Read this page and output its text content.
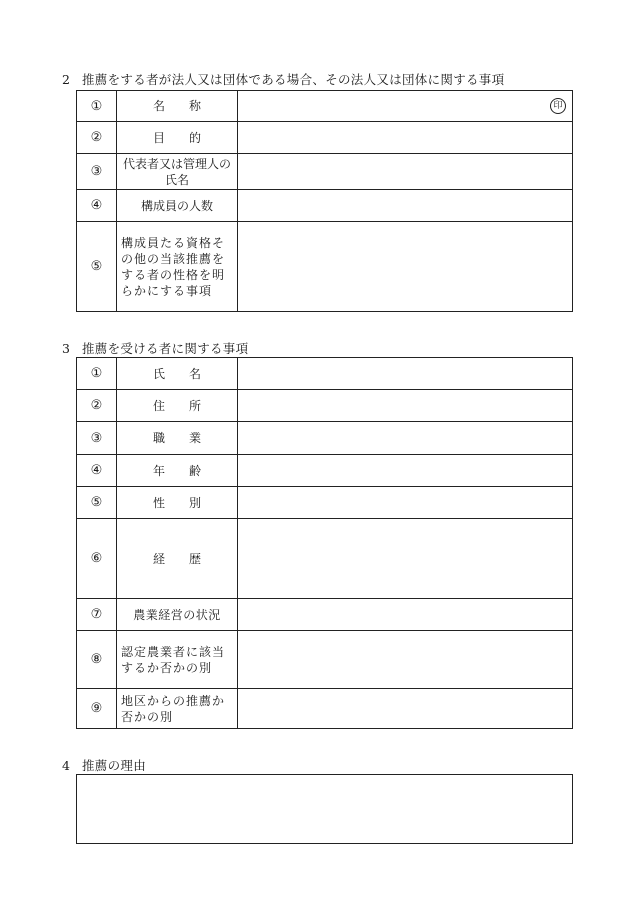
2 推薦をする者が法人又は団体である場合、その法人又は団体に関する事項
①	名　　称	印

②	目　　的	
③	代表者又は管理人の氏名	
④	構成員の人数	
⑤	構成員たる資格その他の当該推薦をする者の性格を明らかにする事項	
3 推薦を受ける者に関する事項
①	氏　　名	
②	住　　所	
③	職　　業	
④	年　　齢	
⑤	性　　別	
⑥	経　　歴	
⑦	農業経営の状況	
⑧	認定農業者に該当するか否かの別	
⑨	地区からの推薦か否かの別	
4 推薦の理由
